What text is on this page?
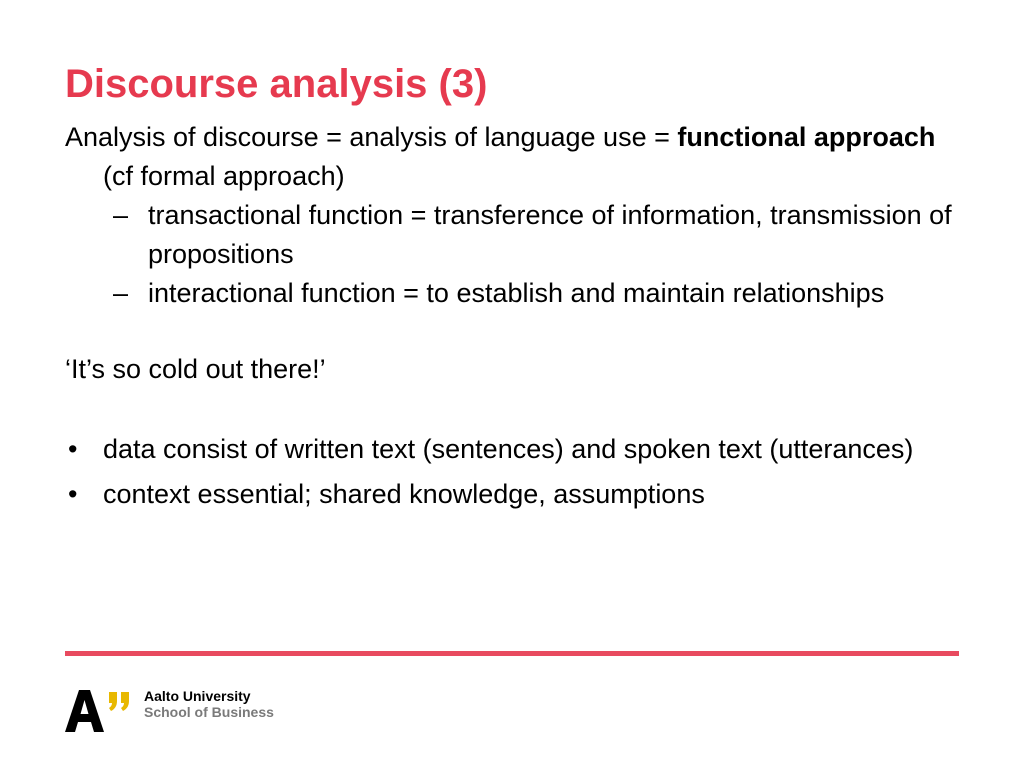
Discourse analysis (3)

Analysis of discourse = analysis of language use = functional approach (cf formal approach)

– transactional function = transference of information, transmission of propositions
– interactional function = to establish and maintain relationships

‘It’s so cold out there!’

• data consist of written text (sentences) and spoken text (utterances)
• context essential; shared knowledge, assumptions
Aalto University
School of Business
